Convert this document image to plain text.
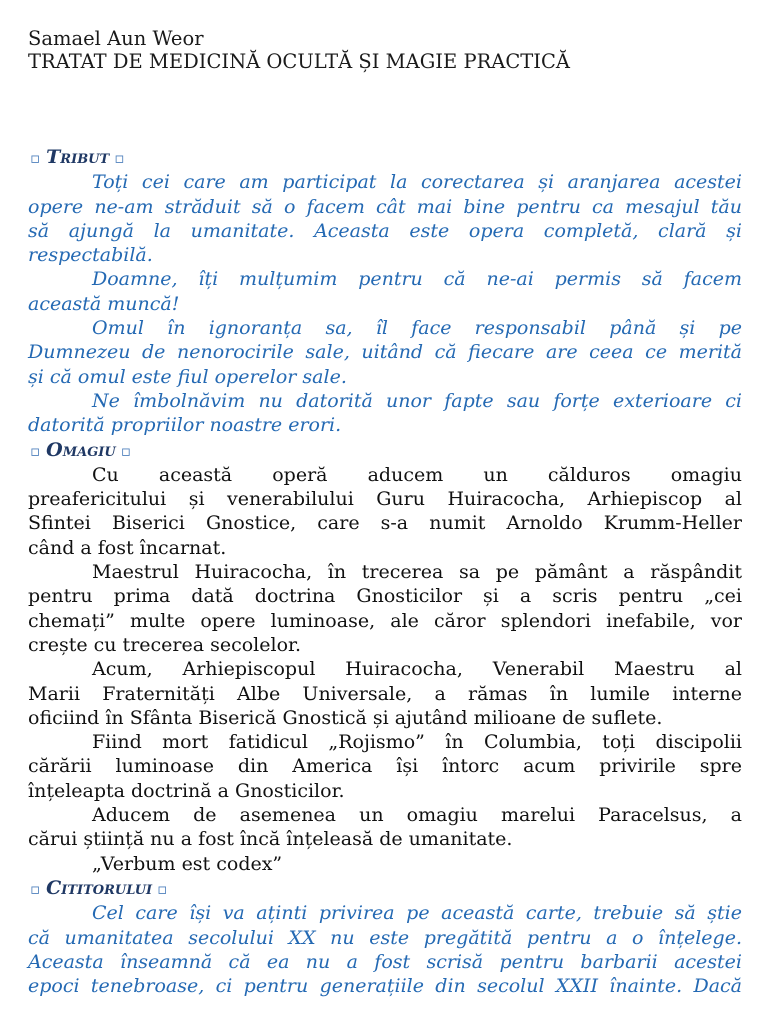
Samael Aun Weor
TRATAT DE MEDICINĂ OCULTĂ ȘI MAGIE PRACTICĂ
▫ Tribut ▫
Toți cei care am participat la corectarea și aranjarea acestei
opere ne-am străduit să o facem cât mai bine pentru ca mesajul tău
să ajungă la umanitate. Aceasta este opera completă, clară și
respectabilă.
Doamne, îți mulțumim pentru că ne-ai permis să facem
această muncă!
Omul în ignoranța sa, îl face responsabil până și pe
Dumnezeu de nenorocirile sale, uitând că fiecare are ceea ce merită
și că omul este fiul operelor sale.
Ne îmbolnăvim nu datorită unor fapte sau forțe exterioare ci
datorită propriilor noastre erori.
▫ Omagiu ▫
Cu această operă aducem un călduros omagiu
preafericitului și venerabilului Guru Huiracocha, Arhiepiscop al
Sfintei Biserici Gnostice, care s-a numit Arnoldo Krumm-Heller
când a fost încarnat.
Maestrul Huiracocha, în trecerea sa pe pământ a răspândit
pentru prima dată doctrina Gnosticilor și a scris pentru „cei
chemați” multe opere luminoase, ale căror splendori inefabile, vor
crește cu trecerea secolelor.
Acum, Arhiepiscopul Huiracocha, Venerabil Maestru al
Marii Fraternități Albe Universale, a rămas în lumile interne
oficiind în Sfânta Biserică Gnostică și ajutând milioane de suflete.
Fiind mort fatidicul „Rojismo” în Columbia, toți discipolii
cărării luminoase din America își întorc acum privirile spre
înțeleapta doctrină a Gnosticilor.
Aducem de asemenea un omagiu marelui Paracelsus, a
cărui știință nu a fost încă înțeleasă de umanitate.
„Verbum est codex”
▫ Cititorului ▫
Cel care își va aținti privirea pe această carte, trebuie să știe
că umanitatea secolului XX nu este pregătită pentru a o înțelege.
Aceasta înseamnă că ea nu a fost scrisă pentru barbarii acestei
epoci tenebroase, ci pentru generațiile din secolul XXII înainte. Dacă
